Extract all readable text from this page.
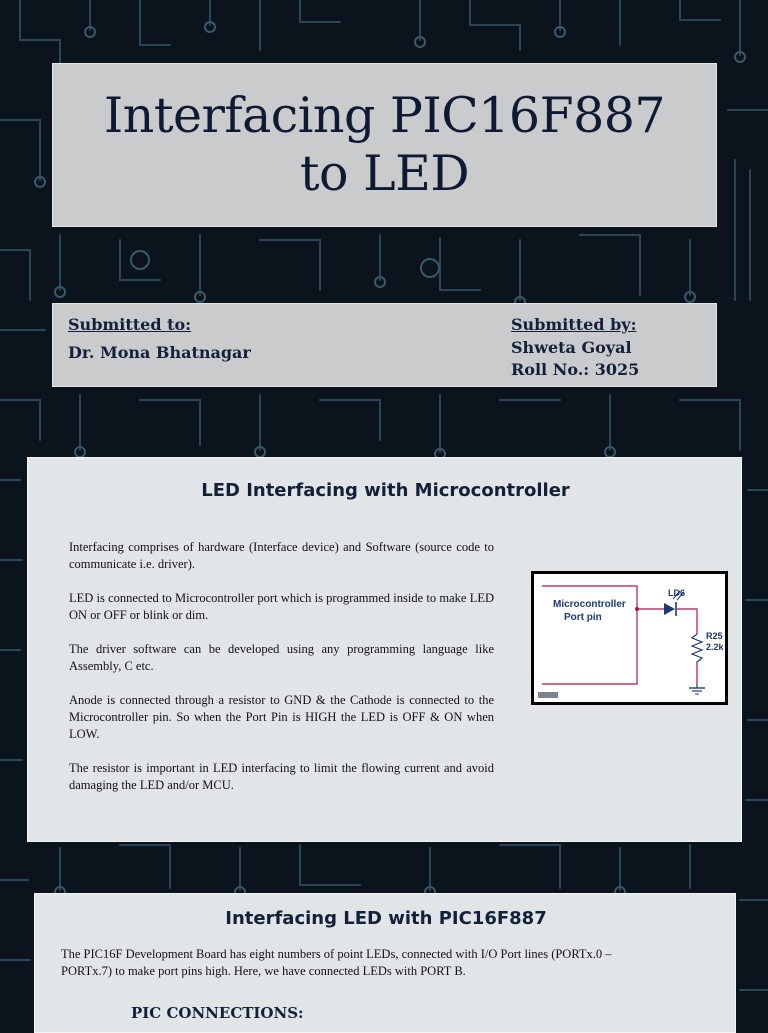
Interfacing PIC16F887
to LED
Submitted to:
Dr. Mona Bhatnagar
Submitted by:
Shweta Goyal
Roll No.: 3025
LED Interfacing with Microcontroller

Interfacing comprises of hardware (Interface device) and Software (source code to communicate i.e. driver).

LED is connected to Microcontroller port which is programmed inside to make LED ON or OFF or blink or dim.

The driver software can be developed using any programming language like Assembly, C etc.

Anode is connected through a resistor to GND & the Cathode is connected to the Microcontroller pin. So when the Port Pin is HIGH the LED is OFF & ON when LOW.

The resistor is important in LED interfacing to limit the flowing current and avoid damaging the LED and/or MCU.

Microcontroller
Port pin
LD6
R25
2.2k
Interfacing LED with PIC16F887
The PIC16F Development Board has eight numbers of point LEDs, connected with I/O Port lines (PORTx.0 – PORTx.7) to make port pins high. Here, we have connected LEDs with PORT B.
PIC CONNECTIONS:
